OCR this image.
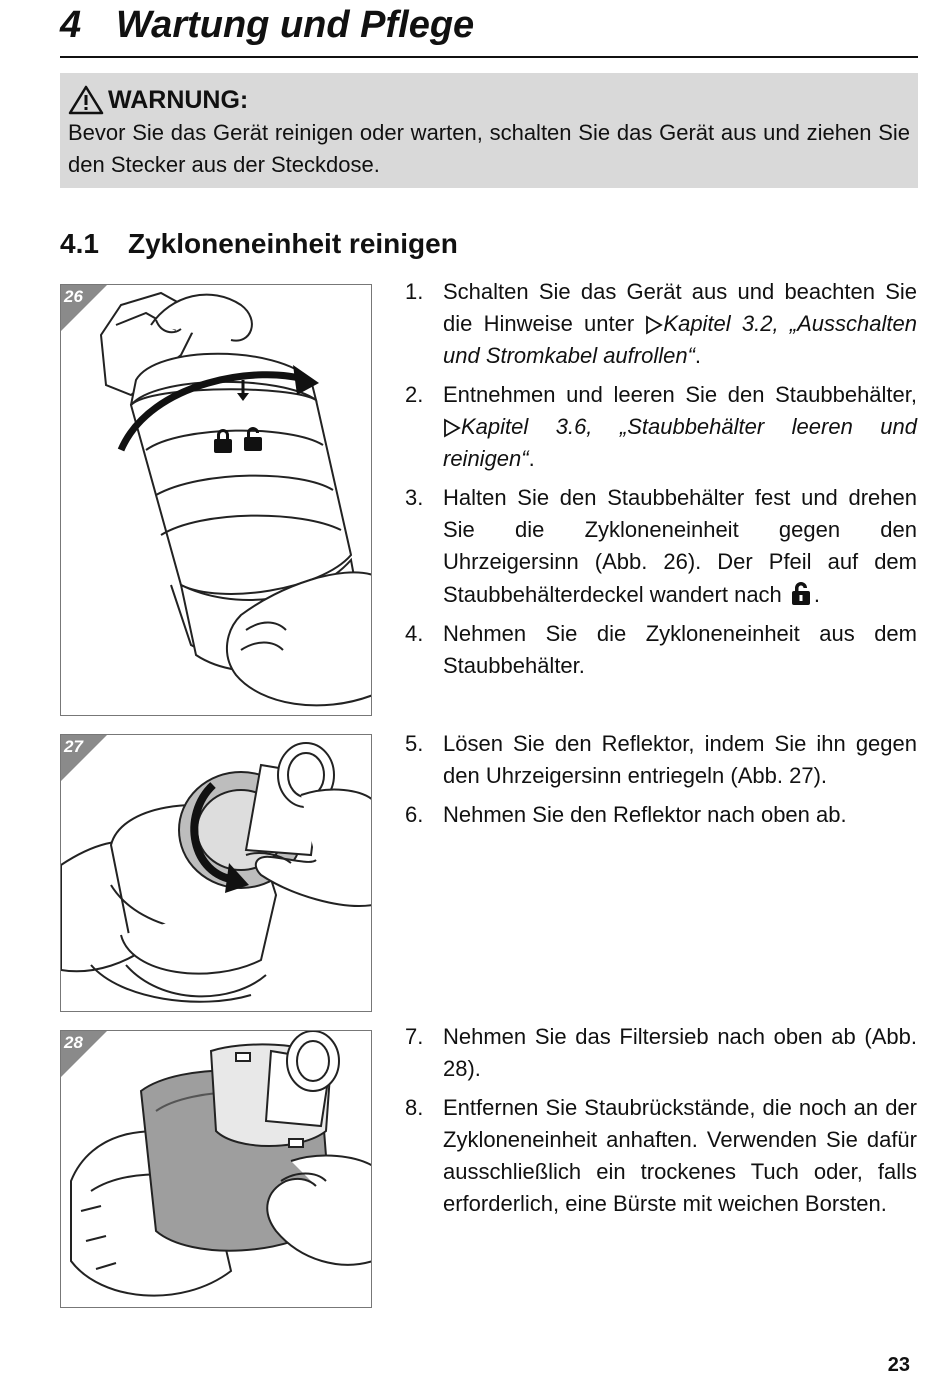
4 Wartung und Pflege
WARNUNG:
Bevor Sie das Gerät reinigen oder warten, schalten Sie das Gerät aus und ziehen Sie den Stecker aus der Steckdose.
4.1 Zykloneneinheit reinigen
26
27
28
1. Schalten Sie das Gerät aus und beachten Sie die Hinweise unter Kapitel 3.2, „Ausschalten und Stromkabel aufrollen“.
2. Entnehmen und leeren Sie den Staubbehälter, Kapitel 3.6, „Staubbehälter leeren und reinigen“.
3. Halten Sie den Staubbehälter fest und drehen Sie die Zykloneneinheit gegen den Uhrzeigersinn (Abb. 26). Der Pfeil auf dem Staubbehälterdeckel wandert nach .
4. Nehmen Sie die Zykloneneinheit aus dem Staubbehälter.
5. Lösen Sie den Reflektor, indem Sie ihn gegen den Uhrzeigersinn entriegeln (Abb. 27).
6. Nehmen Sie den Reflektor nach oben ab.
7. Nehmen Sie das Filtersieb nach oben ab (Abb. 28).
8. Entfernen Sie Staubrückstände, die noch an der Zykloneneinheit anhaften. Verwenden Sie dafür ausschließlich ein trockenes Tuch oder, falls erforderlich, eine Bürste mit weichen Borsten.
23
